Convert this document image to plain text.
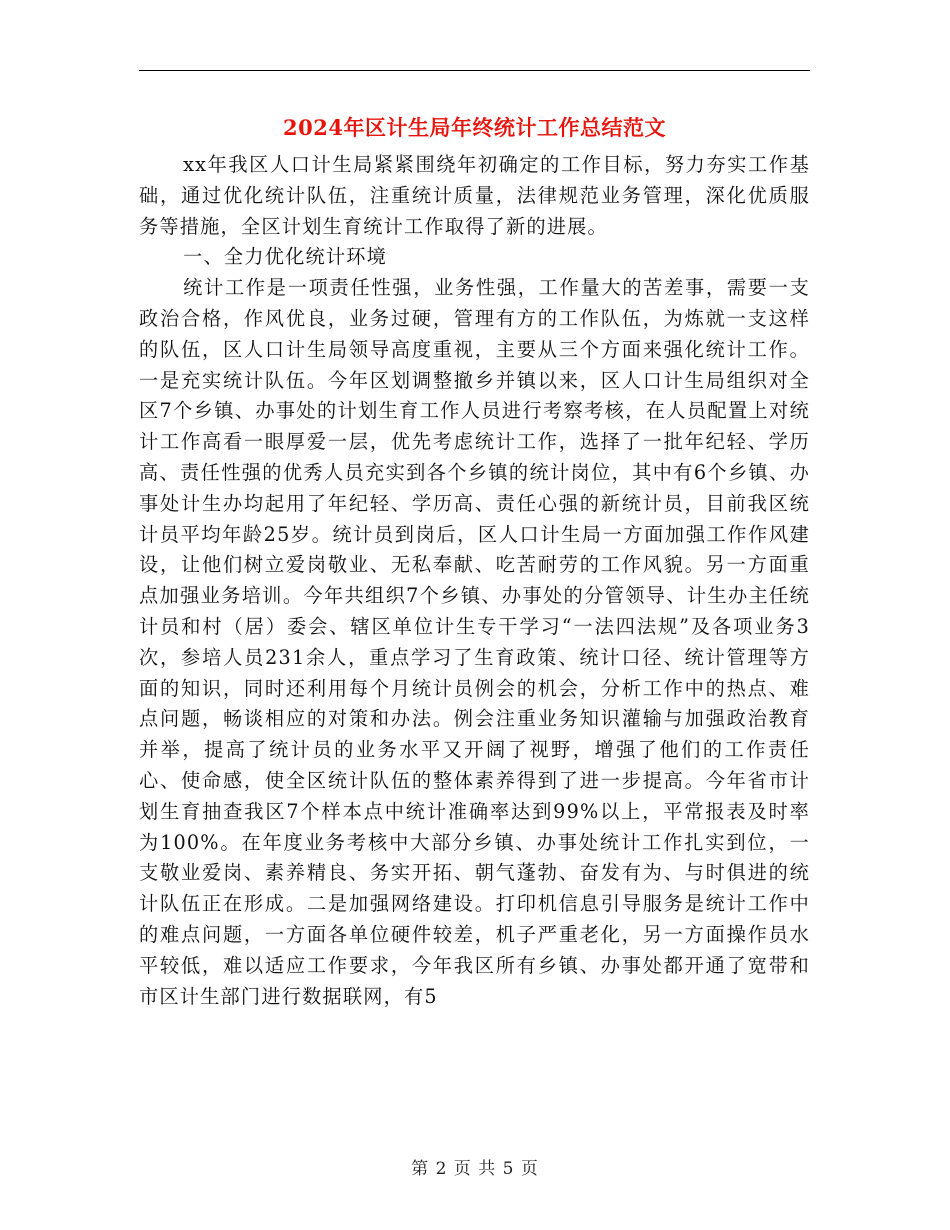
2024年区计生局年终统计工作总结范文

xx年我区人口计生局紧紧围绕年初确定的工作目标，努力夯实工作基础，通过优化统计队伍，注重统计质量，法律规范业务管理，深化优质服务等措施，全区计划生育统计工作取得了新的进展。

一、全力优化统计环境

统计工作是一项责任性强，业务性强，工作量大的苦差事，需要一支政治合格，作风优良，业务过硬，管理有方的工作队伍，为炼就一支这样的队伍，区人口计生局领导高度重视，主要从三个方面来强化统计工作。一是充实统计队伍。今年区划调整撤乡并镇以来，区人口计生局组织对全区7个乡镇、办事处的计划生育工作人员进行考察考核，在人员配置上对统计工作高看一眼厚爱一层，优先考虑统计工作，选择了一批年纪轻、学历高、责任性强的优秀人员充实到各个乡镇的统计岗位，其中有6个乡镇、办事处计生办均起用了年纪轻、学历高、责任心强的新统计员，目前我区统计员平均年龄25岁。统计员到岗后，区人口计生局一方面加强工作作风建设，让他们树立爱岗敬业、无私奉献、吃苦耐劳的工作风貌。另一方面重点加强业务培训。今年共组织7个乡镇、办事处的分管领导、计生办主任统计员和村（居）委会、辖区单位计生专干学习“一法四法规”及各项业务3次，参培人员231余人，重点学习了生育政策、统计口径、统计管理等方面的知识，同时还利用每个月统计员例会的机会，分析工作中的热点、难点问题，畅谈相应的对策和办法。例会注重业务知识灌输与加强政治教育并举，提高了统计员的业务水平又开阔了视野，增强了他们的工作责任心、使命感，使全区统计队伍的整体素养得到了进一步提高。今年省市计划生育抽查我区7个样本点中统计准确率达到99%以上，平常报表及时率为100%。在年度业务考核中大部分乡镇、办事处统计工作扎实到位，一支敬业爱岗、素养精良、务实开拓、朝气蓬勃、奋发有为、与时俱进的统计队伍正在形成。二是加强网络建设。打印机信息引导服务是统计工作中的难点问题，一方面各单位硬件较差，机子严重老化，另一方面操作员水平较低，难以适应工作要求，今年我区所有乡镇、办事处都开通了宽带和市区计生部门进行数据联网，有5

第 2 页 共 5 页
